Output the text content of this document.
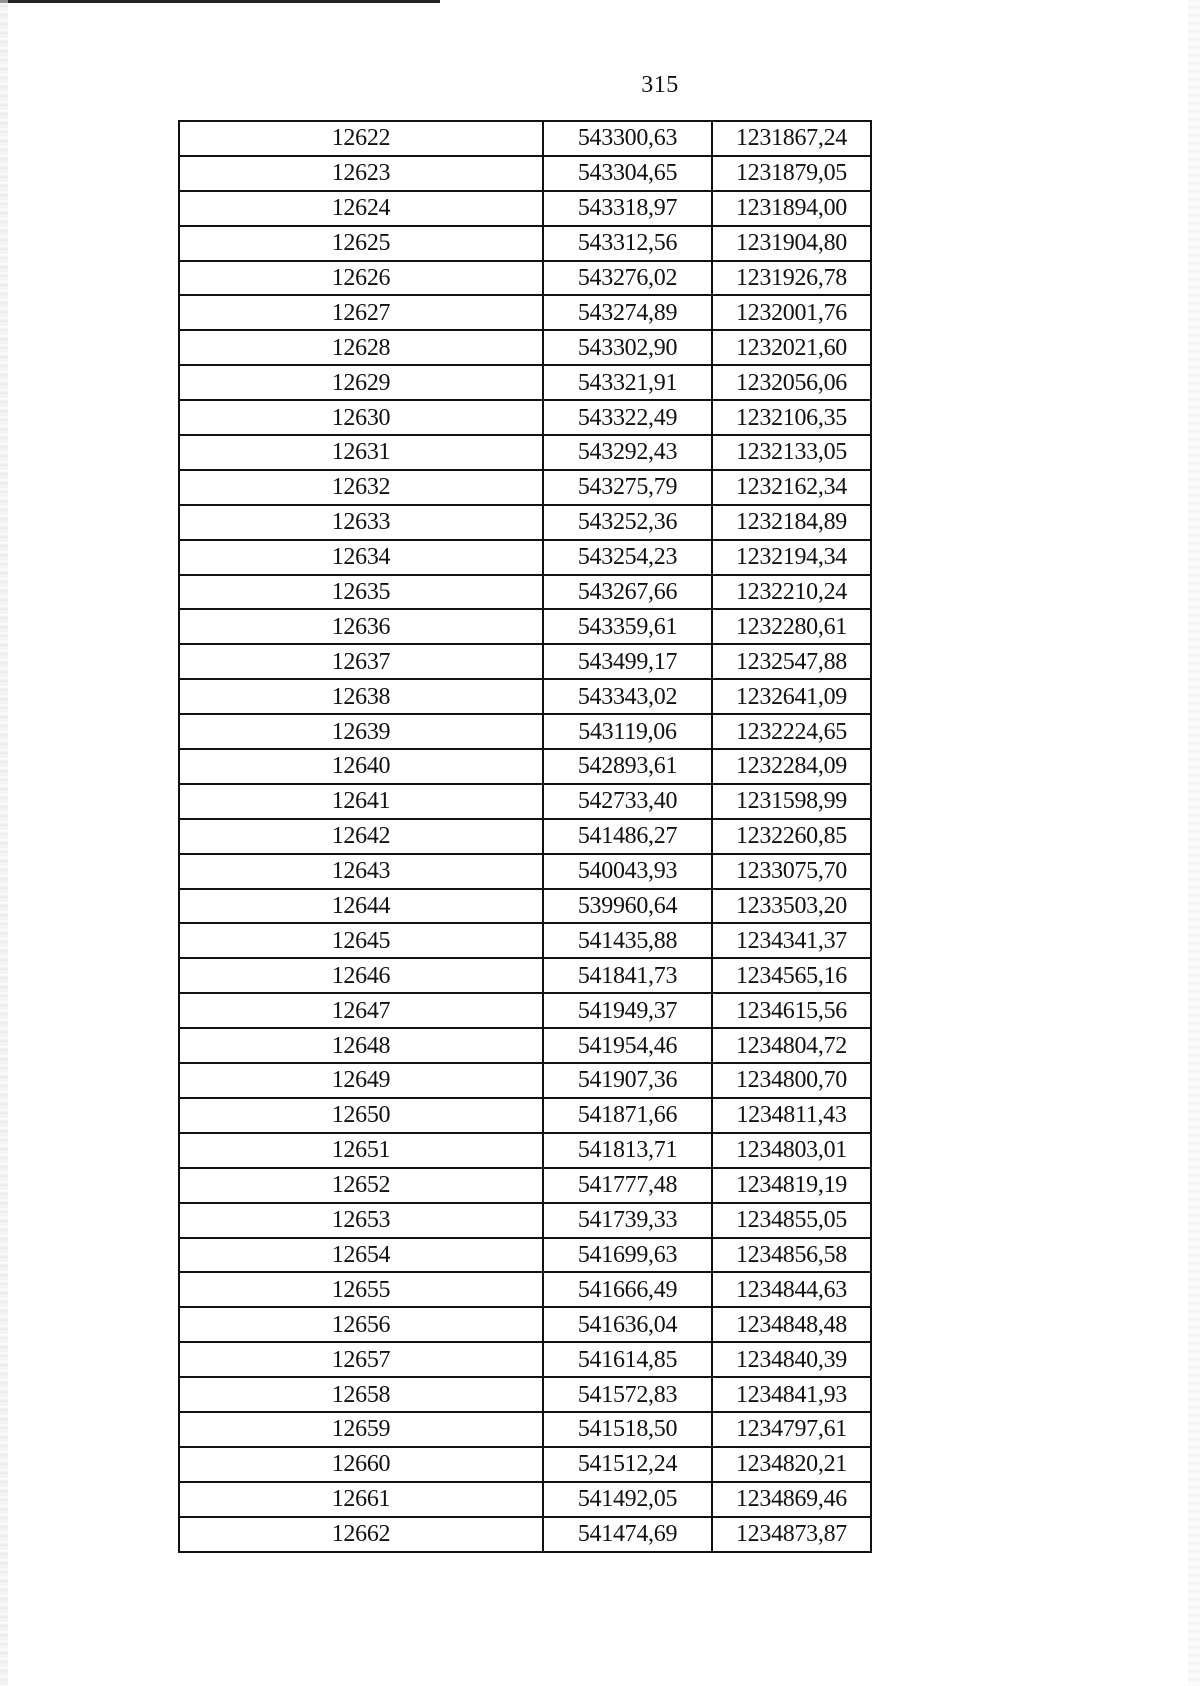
315
12622	543300,63	1231867,24
12623	543304,65	1231879,05
12624	543318,97	1231894,00
12625	543312,56	1231904,80
12626	543276,02	1231926,78
12627	543274,89	1232001,76
12628	543302,90	1232021,60
12629	543321,91	1232056,06
12630	543322,49	1232106,35
12631	543292,43	1232133,05
12632	543275,79	1232162,34
12633	543252,36	1232184,89
12634	543254,23	1232194,34
12635	543267,66	1232210,24
12636	543359,61	1232280,61
12637	543499,17	1232547,88
12638	543343,02	1232641,09
12639	543119,06	1232224,65
12640	542893,61	1232284,09
12641	542733,40	1231598,99
12642	541486,27	1232260,85
12643	540043,93	1233075,70
12644	539960,64	1233503,20
12645	541435,88	1234341,37
12646	541841,73	1234565,16
12647	541949,37	1234615,56
12648	541954,46	1234804,72
12649	541907,36	1234800,70
12650	541871,66	1234811,43
12651	541813,71	1234803,01
12652	541777,48	1234819,19
12653	541739,33	1234855,05
12654	541699,63	1234856,58
12655	541666,49	1234844,63
12656	541636,04	1234848,48
12657	541614,85	1234840,39
12658	541572,83	1234841,93
12659	541518,50	1234797,61
12660	541512,24	1234820,21
12661	541492,05	1234869,46
12662	541474,69	1234873,87
